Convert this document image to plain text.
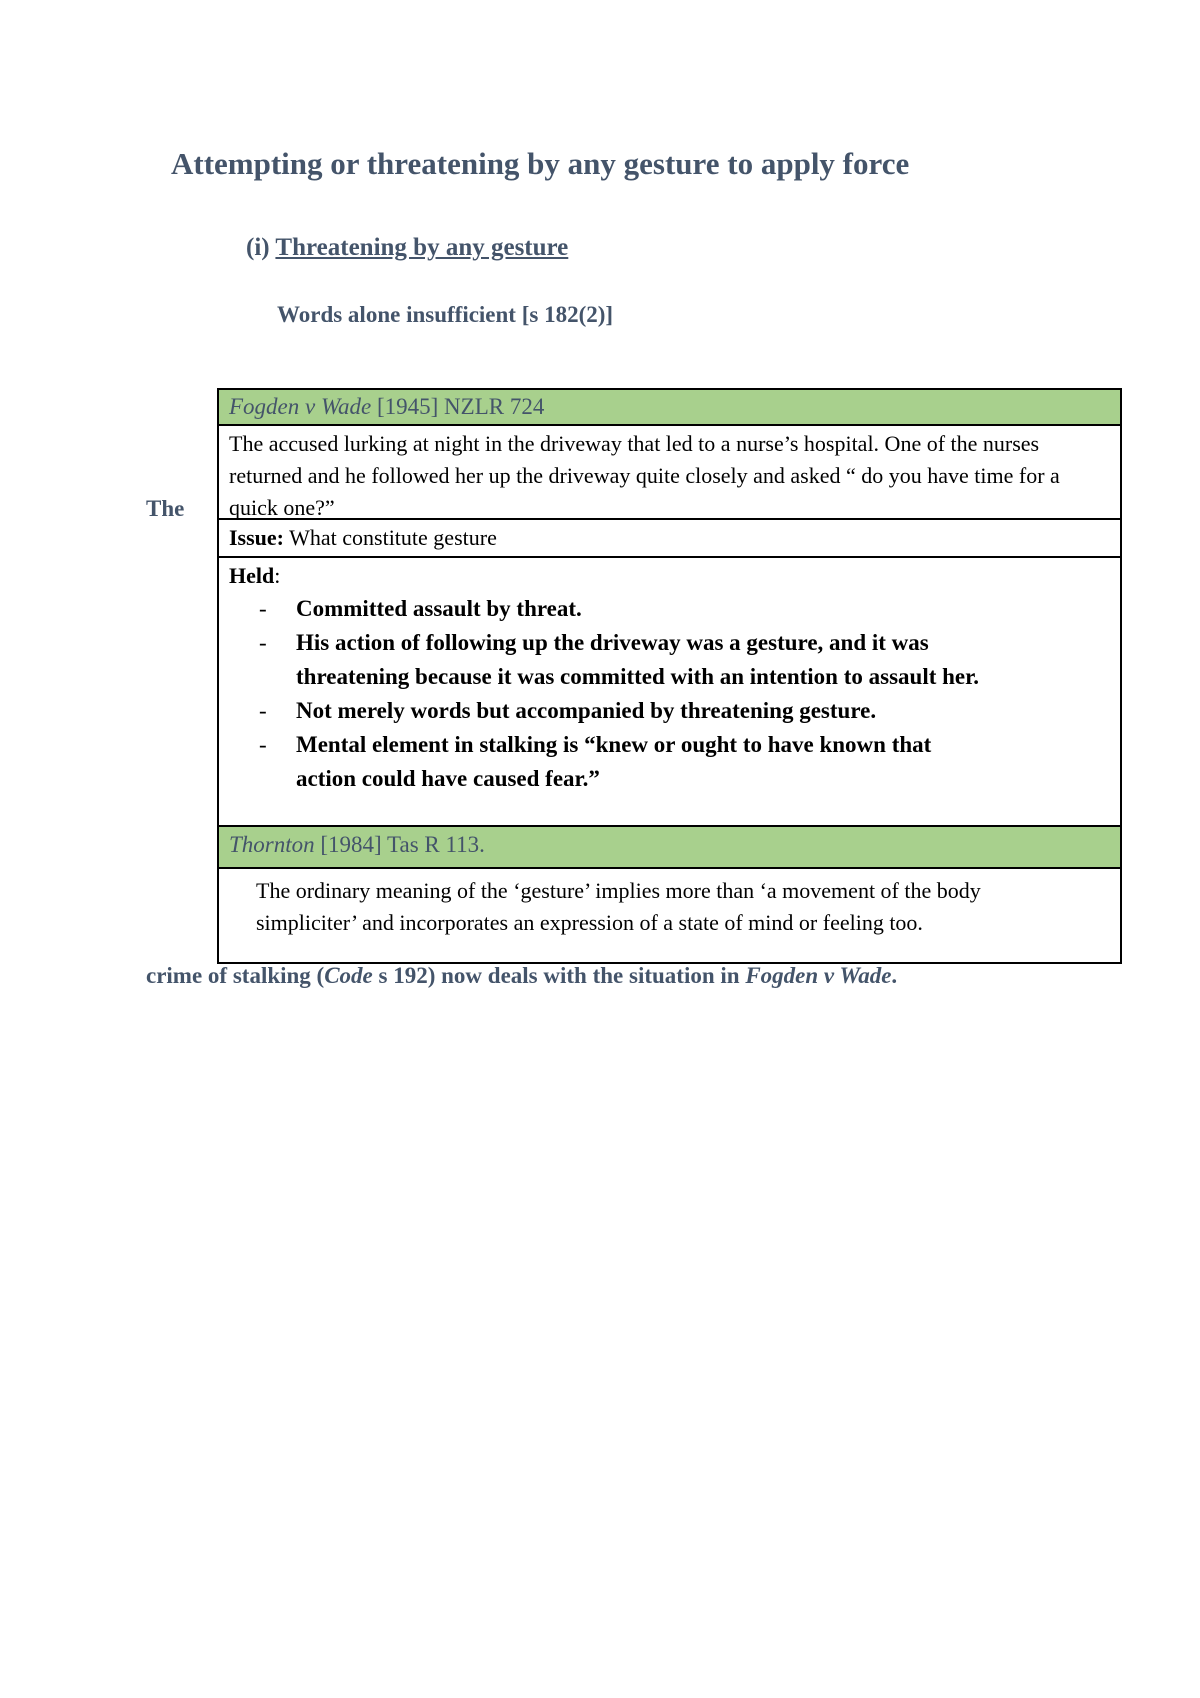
Attempting or threatening by any gesture to apply force
(i) Threatening by any gesture
Words alone insufficient [s 182(2)]
The
Fogden v Wade [1945] NZLR 724
The accused lurking at night in the driveway that led to a nurse’s hospital. One of the nurses returned and he followed her up the driveway quite closely and asked “ do you have time for a quick one?”
Issue: What constitute gesture
Held:
- Committed assault by threat.
- His action of following up the driveway was a gesture, and it was threatening because it was committed with an intention to assault her.
- Not merely words but accompanied by threatening gesture.
- Mental element in stalking is “knew or ought to have known that action could have caused fear.”
Thornton [1984] Tas R 113.
The ordinary meaning of the ‘gesture’ implies more than ‘a movement of the body simpliciter’ and incorporates an expression of a state of mind or feeling too.
crime of stalking (Code s 192) now deals with the situation in Fogden v Wade.
